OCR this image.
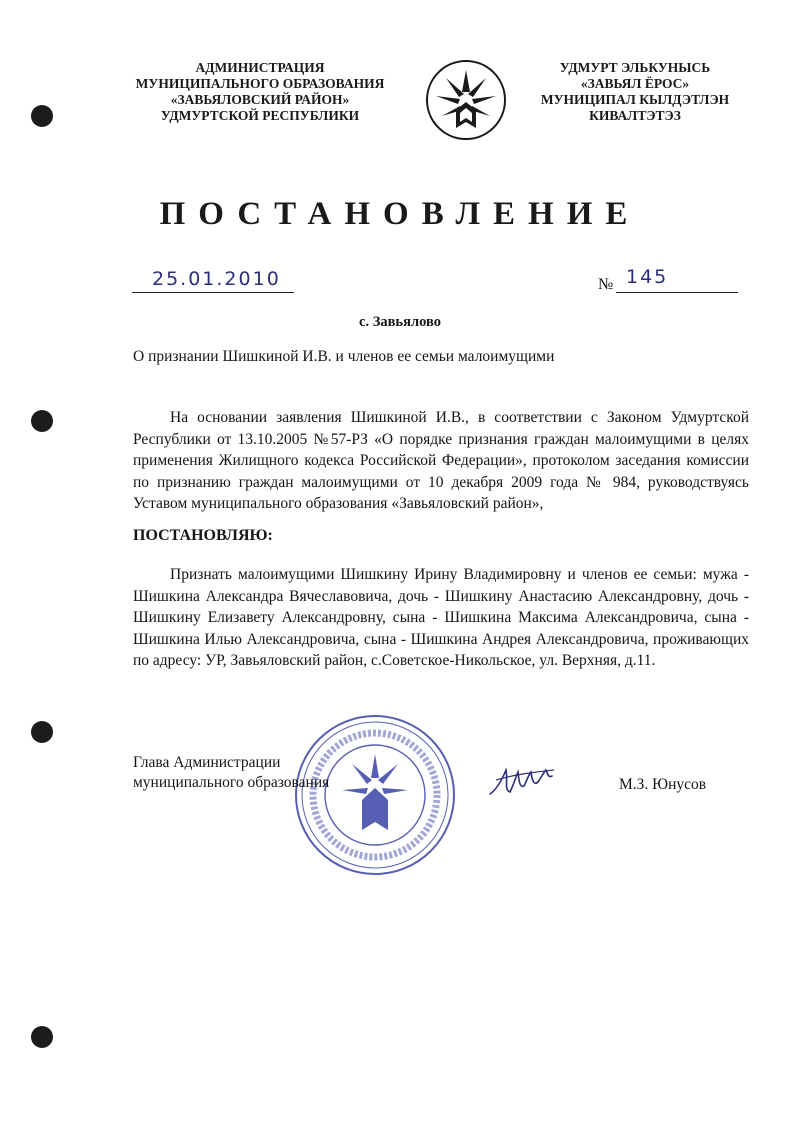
АДМИНИСТРАЦИЯ
МУНИЦИПАЛЬНОГО ОБРАЗОВАНИЯ
«ЗАВЬЯЛОВСКИЙ РАЙОН»
УДМУРТСКОЙ РЕСПУБЛИКИ
УДМУРТ ЭЛЬКУНЫСЬ
«ЗАВЬЯЛ ЁРОС»
МУНИЦИПАЛ КЫЛДЭТЛЭН
КИВАЛТЭТЭЗ
ПОСТАНОВЛЕНИЕ
25.01.2010	№ 145
с. Завьялово
О признании Шишкиной И.В. и членов ее семьи малоимущими
На основании заявления Шишкиной И.В., в соответствии с Законом Удмуртской Республики от 13.10.2005 №57-РЗ «О порядке признания граждан малоимущими в целях применения Жилищного кодекса Российской Федерации», протоколом заседания комиссии по признанию граждан малоимущими от 10 декабря 2009 года № 984, руководствуясь Уставом муниципального образования «Завьяловский район»,
ПОСТАНОВЛЯЮ:
Признать малоимущими Шишкину Ирину Владимировну и членов ее семьи: мужа - Шишкина Александра Вячеславовича, дочь - Шишкину Анастасию Александровну, дочь - Шишкину Елизавету Александровну, сына - Шишкина Максима Александровича, сына - Шишкина Илью Александровича, сына - Шишкина Андрея Александровича, проживающих по адресу: УР, Завьяловский район, с.Советское-Никольское, ул. Верхняя, д.11.
Глава Администрации
муниципального образования	М.З. Юнусов
